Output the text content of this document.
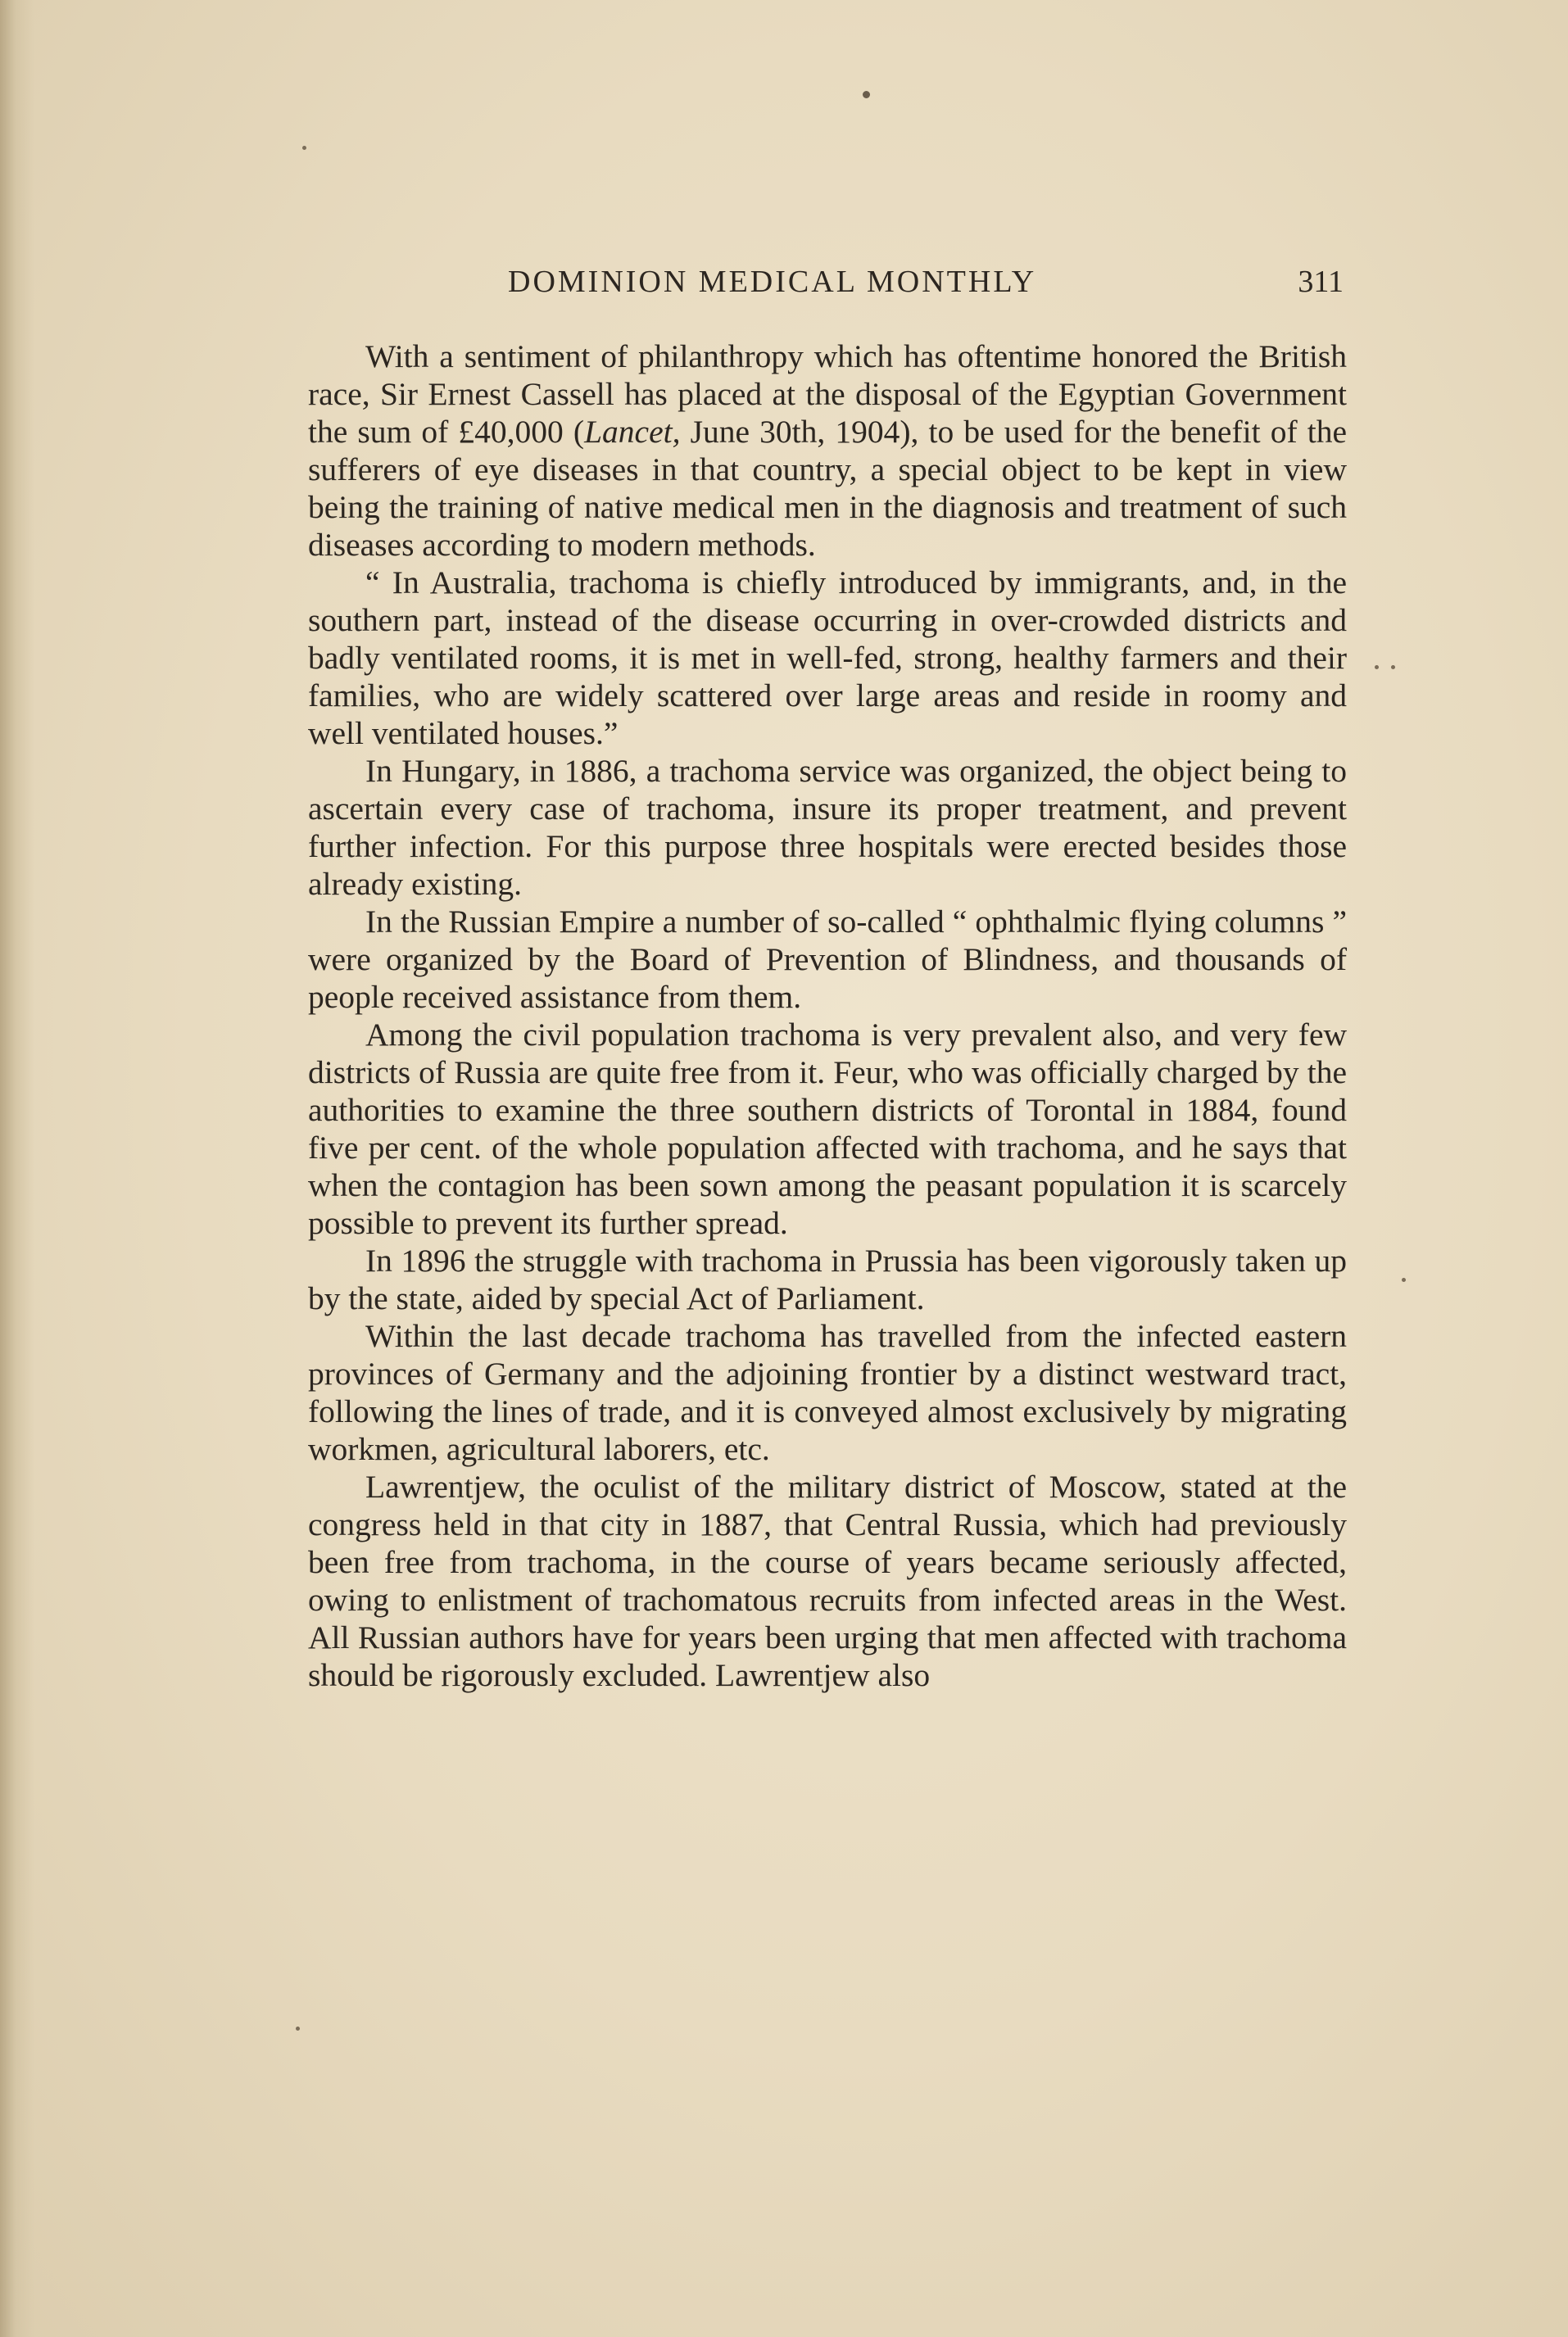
DOMINION MEDICAL MONTHLY	311

With a sentiment of philanthropy which has oftentime honored the British race, Sir Ernest Cassell has placed at the disposal of the Egyptian Government the sum of £40,000 (Lancet, June 30th, 1904), to be used for the benefit of the sufferers of eye diseases in that country, a special object to be kept in view being the training of native medical men in the diagnosis and treatment of such diseases according to modern methods.

“ In Australia, trachoma is chiefly introduced by immigrants, and, in the southern part, instead of the disease occurring in over-crowded districts and badly ventilated rooms, it is met in well-fed, strong, healthy farmers and their families, who are widely scattered over large areas and reside in roomy and well ventilated houses.”

In Hungary, in 1886, a trachoma service was organized, the object being to ascertain every case of trachoma, insure its proper treatment, and prevent further infection. For this purpose three hospitals were erected besides those already existing.

In the Russian Empire a number of so-called “ ophthalmic flying columns ” were organized by the Board of Prevention of Blindness, and thousands of people received assistance from them.

Among the civil population trachoma is very prevalent also, and very few districts of Russia are quite free from it. Feur, who was officially charged by the authorities to examine the three southern districts of Torontal in 1884, found five per cent. of the whole population affected with trachoma, and he says that when the contagion has been sown among the peasant population it is scarcely possible to prevent its further spread.

In 1896 the struggle with trachoma in Prussia has been vigorously taken up by the state, aided by special Act of Parliament.

Within the last decade trachoma has travelled from the infected eastern provinces of Germany and the adjoining frontier by a distinct westward tract, following the lines of trade, and it is conveyed almost exclusively by migrating workmen, agricultural laborers, etc.

Lawrentjew, the oculist of the military district of Moscow, stated at the congress held in that city in 1887, that Central Russia, which had previously been free from trachoma, in the course of years became seriously affected, owing to enlistment of trachomatous recruits from infected areas in the West. All Russian authors have for years been urging that men affected with trachoma should be rigorously excluded. Lawrentjew also
